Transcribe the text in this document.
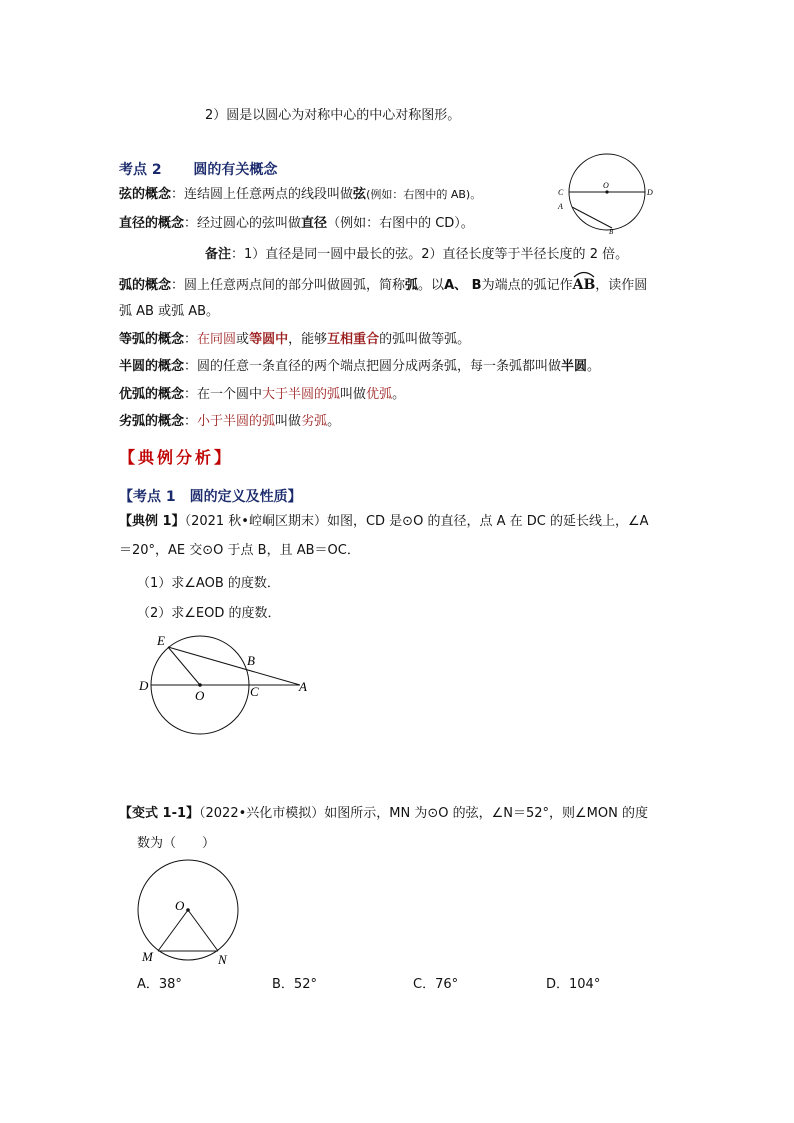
2）圆是以圆心为对称中心的中心对称图形。
考点 2 圆的有关概念
弦的概念：连结圆上任意两点的线段叫做弦(例如：右图中的 AB)。
直径的概念：经过圆心的弦叫做直径（例如：右图中的 CD）。
备注：1）直径是同一圆中最长的弦。2）直径长度等于半径长度的 2 倍。
弧的概念：圆上任意两点间的部分叫做圆弧，简称弧。以A、 B为端点的弧记作
AB，读作圆
弧 AB 或弧 AB。
等弧的概念：在同圆或等圆中，能够互相重合的弧叫做等弧。
半圆的概念：圆的任意一条直径的两个端点把圆分成两条弧，每一条弧都叫做半圆。
优弧的概念：在一个圆中大于半圆的弧叫做优弧。
劣弧的概念：小于半圆的弧叫做劣弧。
【典例分析】
【考点 1　圆的定义及性质】
【典例 1】（2021 秋•崆峒区期末）如图，CD 是⊙O 的直径，点 A 在 DC 的延长线上，∠A
＝20°，AE 交⊙O 于点 B，且 AB＝OC．
（1）求∠AOB 的度数．
（2）求∠EOD 的度数．
C
O
D
A
B
E
B
D
O	C	A
【变式 1-1】（2022•兴化市模拟）如图所示，MN 为⊙O 的弦，∠N＝52°，则∠MON 的度
数为（　　）
O
M	N
A．38°	B．52°	C．76°	D．104°
